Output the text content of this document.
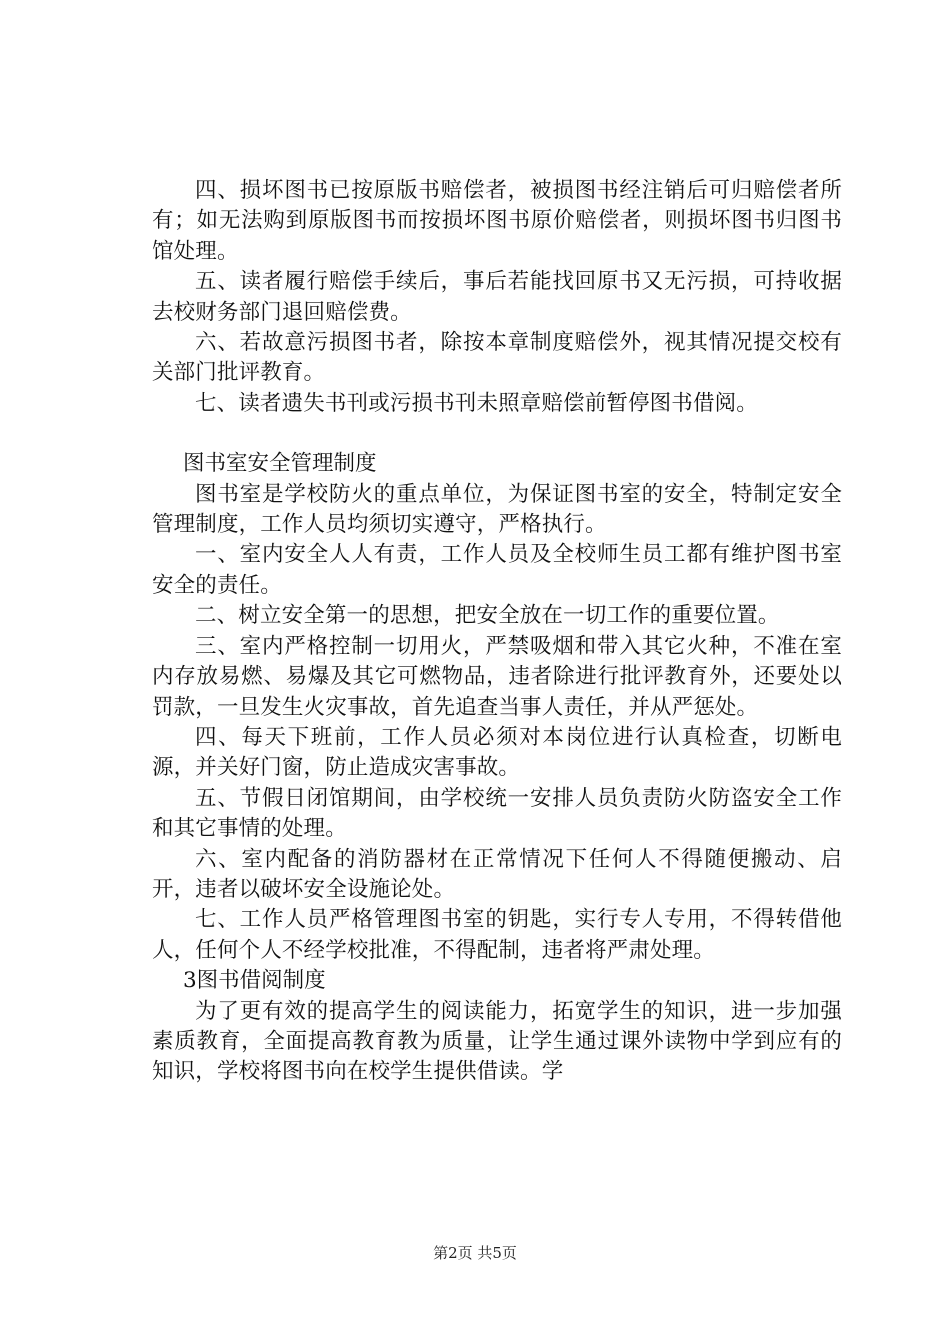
四、损坏图书已按原版书赔偿者，被损图书经注销后可归赔偿者所有；如无法购到原版图书而按损坏图书原价赔偿者，则损坏图书归图书馆处理。

五、读者履行赔偿手续后，事后若能找回原书又无污损，可持收据去校财务部门退回赔偿费。

六、若故意污损图书者，除按本章制度赔偿外，视其情况提交校有关部门批评教育。

七、读者遗失书刊或污损书刊未照章赔偿前暂停图书借阅。

图书室安全管理制度

图书室是学校防火的重点单位，为保证图书室的安全，特制定安全管理制度，工作人员均须切实遵守，严格执行。

一、室内安全人人有责，工作人员及全校师生员工都有维护图书室安全的责任。

二、树立安全第一的思想，把安全放在一切工作的重要位置。

三、室内严格控制一切用火，严禁吸烟和带入其它火种，不准在室内存放易燃、易爆及其它可燃物品，违者除进行批评教育外，还要处以罚款，一旦发生火灾事故，首先追查当事人责任，并从严惩处。

四、每天下班前，工作人员必须对本岗位进行认真检查，切断电源，并关好门窗，防止造成灾害事故。

五、节假日闭馆期间，由学校统一安排人员负责防火防盗安全工作和其它事情的处理。

六、室内配备的消防器材在正常情况下任何人不得随便搬动、启开，违者以破坏安全设施论处。

七、工作人员严格管理图书室的钥匙，实行专人专用，不得转借他人，任何个人不经学校批准，不得配制，违者将严肃处理。

3图书借阅制度

为了更有效的提高学生的阅读能力，拓宽学生的知识，进一步加强素质教育，全面提高教育教为质量，让学生通过课外读物中学到应有的知识，学校将图书向在校学生提供借读。学

第2页 共5页
